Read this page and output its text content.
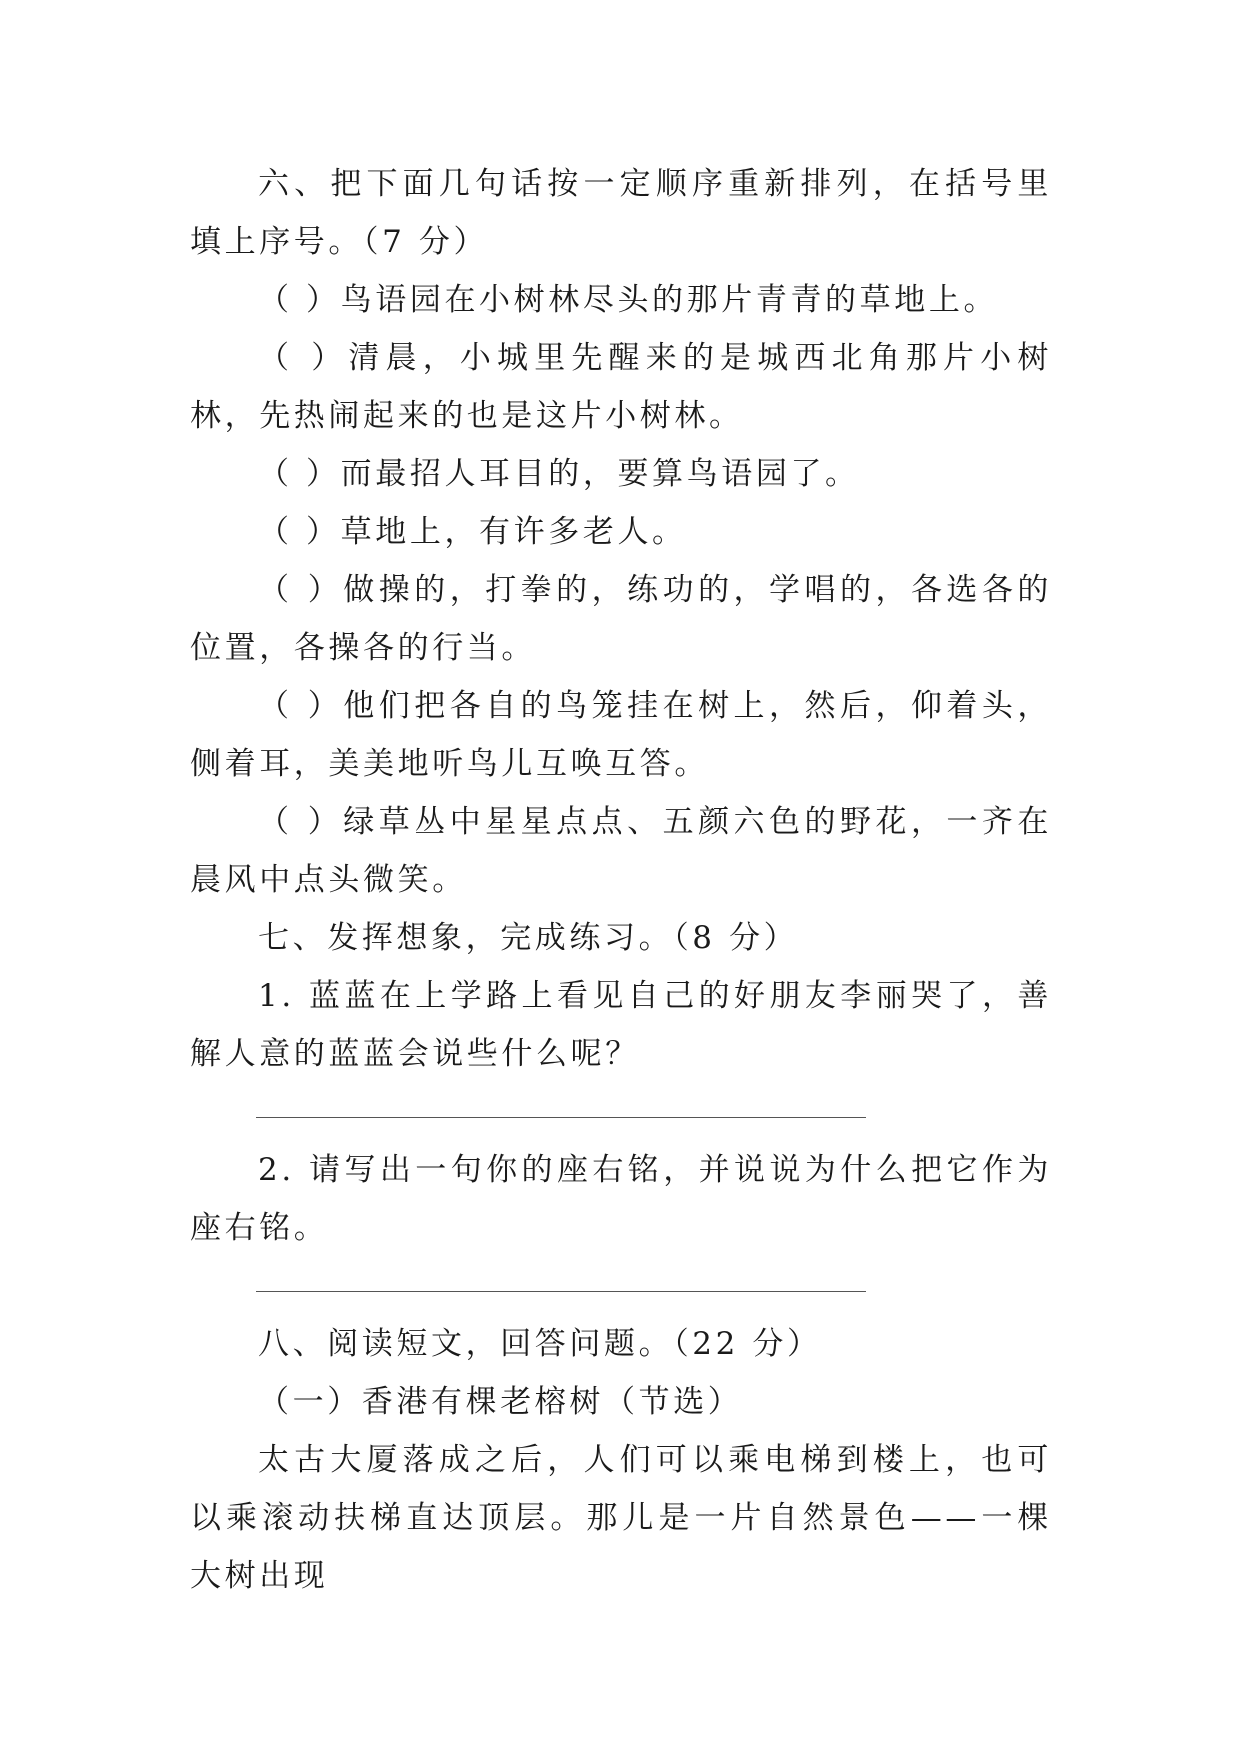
六、把下面几句话按一定顺序重新排列，在括号里填上序号。（7 分）

（ ）鸟语园在小树林尽头的那片青青的草地上。

（ ）清晨，小城里先醒来的是城西北角那片小树林，先热闹起来的也是这片小树林。

（ ）而最招人耳目的，要算鸟语园了。

（ ）草地上，有许多老人。

（ ）做操的，打拳的，练功的，学唱的，各选各的位置，各操各的行当。

（ ）他们把各自的鸟笼挂在树上，然后，仰着头，侧着耳，美美地听鸟儿互唤互答。

（ ）绿草丛中星星点点、五颜六色的野花，一齐在晨风中点头微笑。

七、发挥想象，完成练习。（8 分）

1. 蓝蓝在上学路上看见自己的好朋友李丽哭了，善解人意的蓝蓝会说些什么呢？

2. 请写出一句你的座右铭，并说说为什么把它作为座右铭。

八、阅读短文，回答问题。（22 分）

（一）香港有棵老榕树（节选）

太古大厦落成之后，人们可以乘电梯到楼上，也可以乘滚动扶梯直达顶层。那儿是一片自然景色——一棵大树出现
